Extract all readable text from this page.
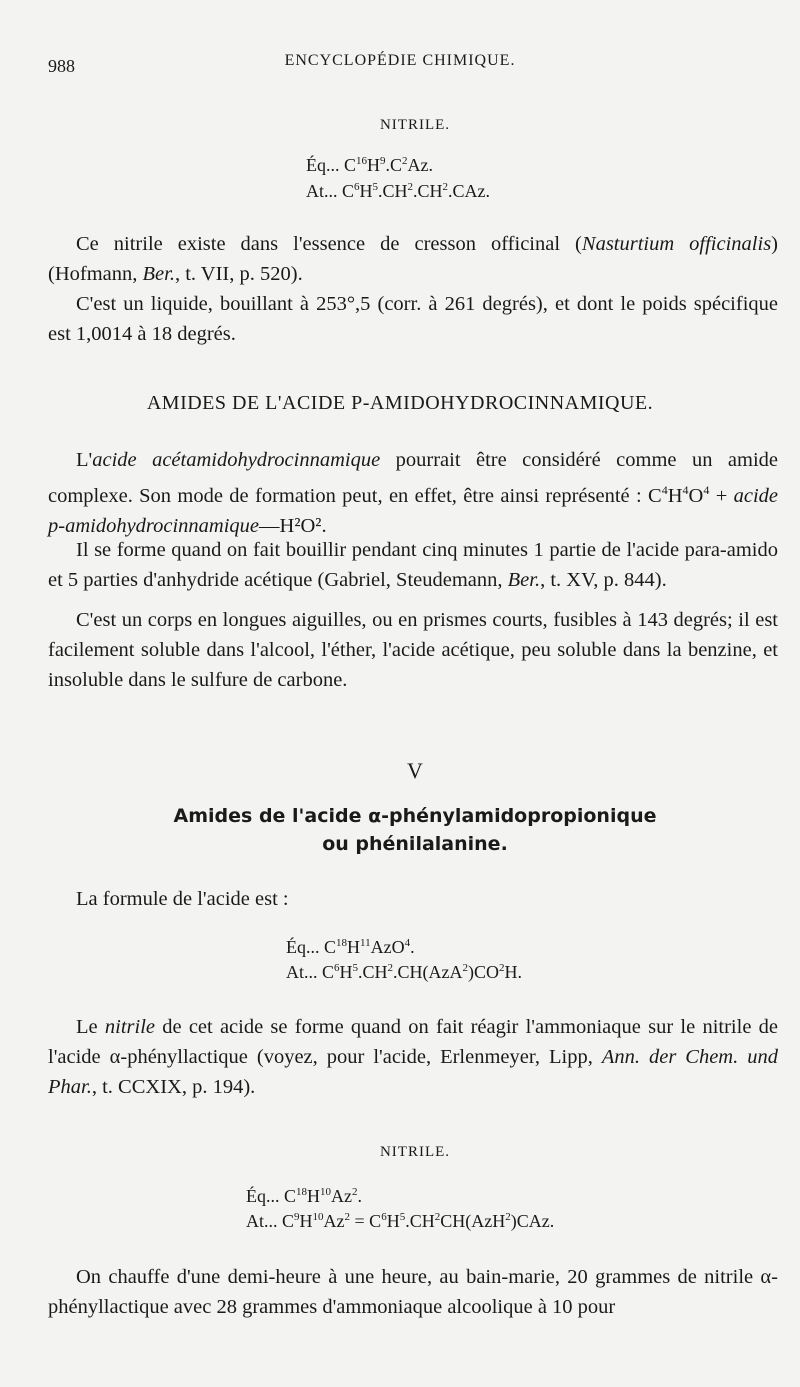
988	ENCYCLOPÉDIE CHIMIQUE.
NITRILE.
Éq... $C^{16}H^9.C^2Az$.
At... $C^6H^5.CH^2.CH^2.CAz$.

Ce nitrile existe dans l'essence de cresson officinal (Nasturtium officinalis) (Hofmann, Ber., t. VII, p. 520).

C'est un liquide, bouillant à 253°,5 (corr. à 261 degrés), et dont le poids spécifique est 1,0014 à 18 degrés.

AMIDES DE L'ACIDE P-AMIDOHYDROCINNAMIQUE.

L'acide acétamidohydrocinnamique pourrait être considéré comme un amide complexe. Son mode de formation peut, en effet, être ainsi représenté : $C^4H^4O^4$ + acide p-amidohydrocinnamique—H²O².

Il se forme quand on fait bouillir pendant cinq minutes 1 partie de l'acide para-amido et 5 parties d'anhydride acétique (Gabriel, Steudemann, Ber., t. XV, p. 844).

C'est un corps en longues aiguilles, ou en prismes courts, fusibles à 143 degrés; il est facilement soluble dans l'alcool, l'éther, l'acide acétique, peu soluble dans la benzine, et insoluble dans le sulfure de carbone.

V
Amides de l'acide α-phénylamidopropionique
ou phénilalanine.

La formule de l'acide est :

Éq... $C^{18}H^{11}AzO^4$.
At... $C^6H^5.CH^2.CH(AzA^2)CO^2H$.

Le nitrile de cet acide se forme quand on fait réagir l'ammoniaque sur le nitrile de l'acide α-phényllactique (voyez, pour l'acide, Erlenmeyer, Lipp, Ann. der Chem. und Phar., t. CCXIX, p. 194).

NITRILE.
Éq... $C^{18}H^{10}Az^2$.
At... $C^9H^{10}Az^2 = C^6H^5.CH^2CH(AzH^2)CAz$.

On chauffe d'une demi-heure à une heure, au bain-marie, 20 grammes de nitrile α-phényllactique avec 28 grammes d'ammoniaque alcoolique à 10 pour
